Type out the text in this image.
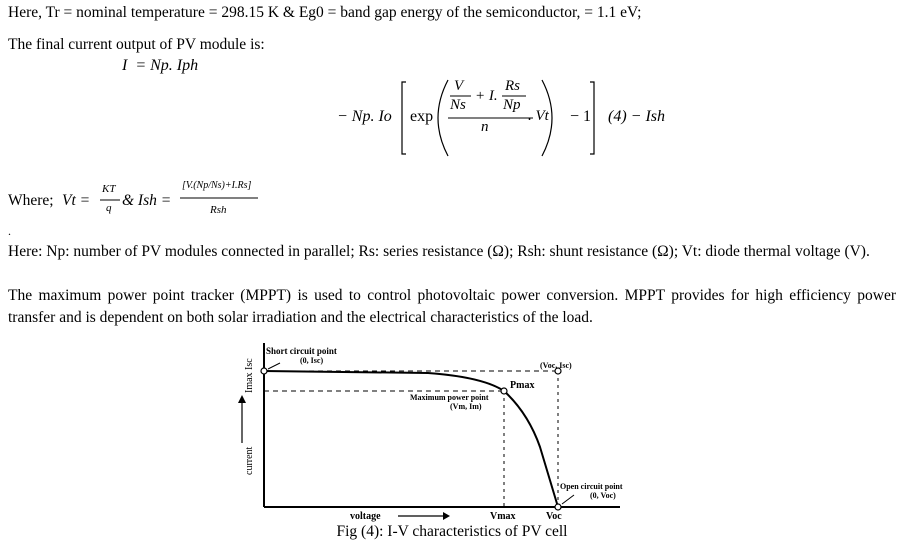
Here, Tr = nominal temperature = 298.15 K & Eg0 = band gap energy of the semiconductor, = 1.1 eV;
The final current output of PV module is:
I = Np. Iph
− Np. Io exp
V
Ns
+ I.
Rs
Np
n
. Vt − 1 (4) − Ish
Where; Vt =
KT
q & Ish =
[V.(Np/Ns)+I.Rs]
Rsh
.
Here: Np: number of PV modules connected in parallel; Rs: series resistance (Ω); Rsh: shunt resistance (Ω); Vt: diode thermal voltage (V).
The maximum power point tracker (MPPT) is used to control photovoltaic power conversion. MPPT provides for high efficiency power transfer and is dependent on both solar irradiation and the electrical characteristics of the load.
Short circuit point
(0, Isc)
(Voc, Isc)
Pmax
Maximum power point
(Vm, Im)
Open circuit point
(0, Voc)
voltage	Vmax	Voc
current
Imax Isc
Fig (4): I-V characteristics of PV cell
